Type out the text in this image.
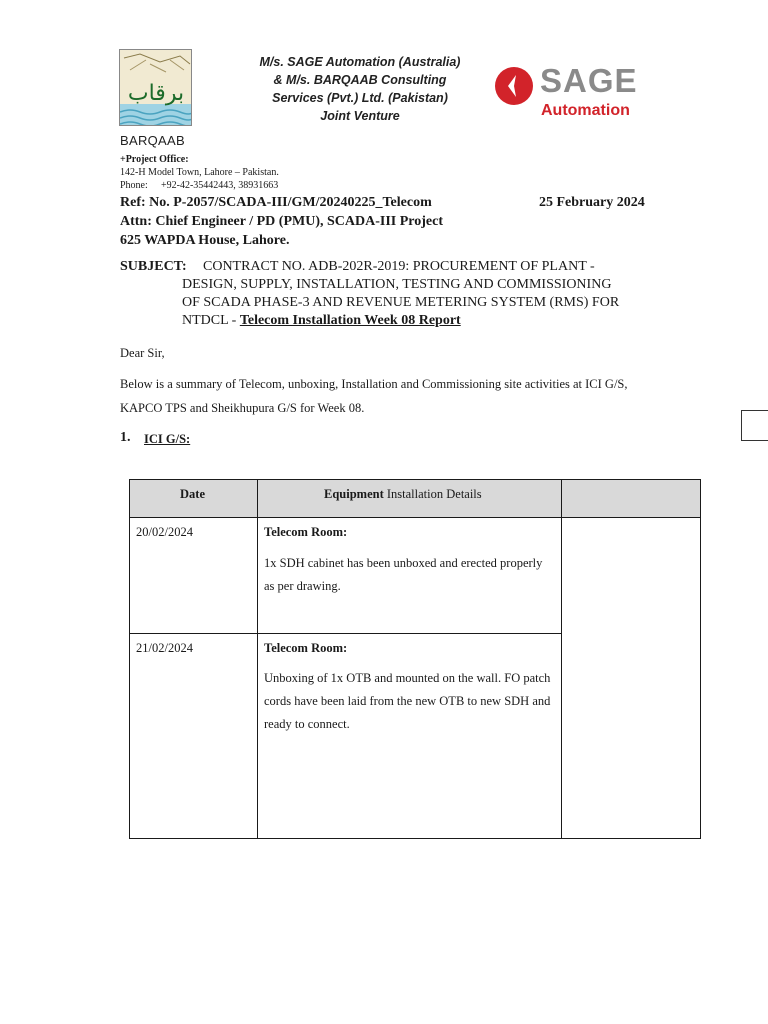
برقاب
BARQAAB
M/s. SAGE Automation (Australia)
& M/s. BARQAAB Consulting
Services (Pvt.) Ltd. (Pakistan)
Joint Venture
SAGE
Automation
+Project Office:
142-H Model Town, Lahore – Pakistan.
Phone: +92-42-35442443, 38931663
Ref: No. P-2057/SCADA-III/GM/20240225_Telecom	25 February 2024
Attn: Chief Engineer / PD (PMU), SCADA-III Project
625 WAPDA House, Lahore.
SUBJECT: CONTRACT NO. ADB-202R-2019: PROCUREMENT OF PLANT -
DESIGN, SUPPLY, INSTALLATION, TESTING AND COMMISSIONING
OF SCADA PHASE-3 AND REVENUE METERING SYSTEM (RMS) FOR
NTDCL - Telecom Installation Week 08 Report
Dear Sir,
Below is a summary of Telecom, unboxing, Installation and Commissioning site activities at ICI G/S,
KAPCO TPS and Sheikhupura G/S for Week 08.
1. ICI G/S:
Date	Equipment Installation Details
20/02/2024	Telecom Room:
1x SDH cabinet has been unboxed and erected properly
as per drawing.
21/02/2024	Telecom Room:
Unboxing of 1x OTB and mounted on the wall. FO patch
cords have been laid from the new OTB to new SDH and
ready to connect.
